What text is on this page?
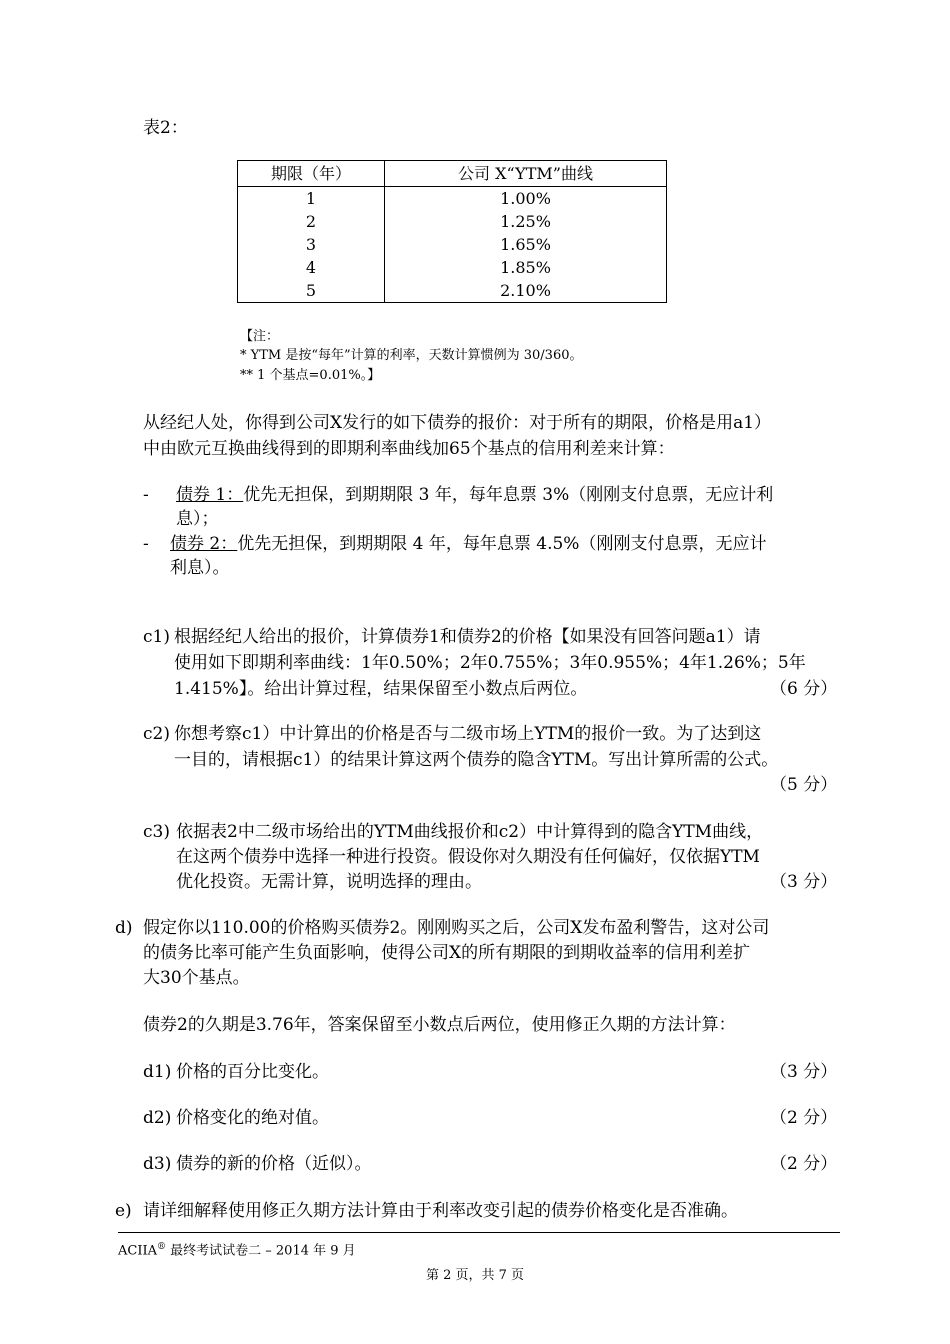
表2：
期限（年）	公司 X“YTM”曲线
1	1.00%
2	1.25%
3	1.65%
4	1.85%
5	2.10%
【注：
* YTM 是按“每年”计算的利率，天数计算惯例为 30/360。
** 1 个基点=0.01%。】
从经纪人处，你得到公司X发行的如下债券的报价：对于所有的期限，价格是用a1）
中由欧元互换曲线得到的即期利率曲线加65个基点的信用利差来计算：
- 债券 1：优先无担保，到期期限 3 年，每年息票 3%（刚刚支付息票，无应计利
息）；
- 债券 2：优先无担保，到期期限 4 年，每年息票 4.5%（刚刚支付息票，无应计
利息）。
c1) 根据经纪人给出的报价，计算债券1和债券2的价格【如果没有回答问题a1）请
使用如下即期利率曲线：1年0.50%；2年0.755%；3年0.955%；4年1.26%；5年
1.415%】。给出计算过程，结果保留至小数点后两位。	（6 分）
c2) 你想考察c1）中计算出的价格是否与二级市场上YTM的报价一致。为了达到这
一目的，请根据c1）的结果计算这两个债券的隐含YTM。写出计算所需的公式。
（5 分）
c3) 依据表2中二级市场给出的YTM曲线报价和c2）中计算得到的隐含YTM曲线，
在这两个债券中选择一种进行投资。假设你对久期没有任何偏好，仅依据YTM
优化投资。无需计算，说明选择的理由。	（3 分）
d) 假定你以110.00的价格购买债券2。刚刚购买之后，公司X发布盈利警告，这对公司
的债务比率可能产生负面影响，使得公司X的所有期限的到期收益率的信用利差扩
大30个基点。
债券2的久期是3.76年，答案保留至小数点后两位，使用修正久期的方法计算：
d1) 价格的百分比变化。	（3 分）
d2) 价格变化的绝对值。	（2 分）
d3) 债券的新的价格（近似）。	（2 分）
e) 请详细解释使用修正久期方法计算由于利率改变引起的债券价格变化是否准确。
ACIIA® 最终考试试卷二 – 2014 年 9 月
第 2 页，共 7 页
